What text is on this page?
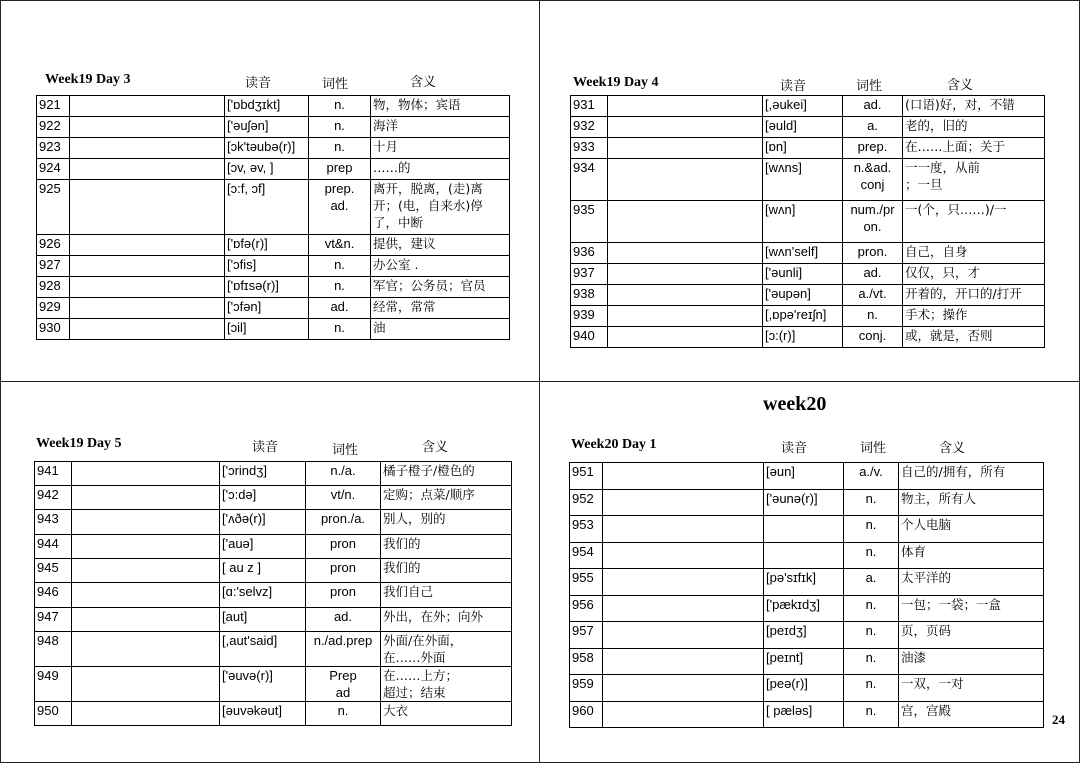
Week19 Day 3	读音	词性	含义
921		['ɒbdʒɪkt]	n.	物，物体；宾语
922		['əuʃən]	n.	海洋
923		[ɔk'təubə(r)]	n.	十月
924		[ɔv, əv, ]	prep	……的
925		[ɔ:f, ɔf]	prep.
ad.	离开，脱离，(走)离
开；(电，自来水)停
了，中断
926		['ɒfə(r)]	vt&n.	提供，建议
927		['ɔfis]	n.	办公室 .
928		['ɒfɪsə(r)]	n.	军官；公务员；官员
929		['ɔfən]	ad.	经常，常常
930		[ɔil]	n.	油
Week19 Day 4	读音	词性	含义
931		[,əukei]	ad.	(口语)好，对，不错
932		[əuld]	a.	老的，旧的
933		[ɒn]	prep.	在……上面；关于
934		[wʌns]	n.&ad.
conj	一一度，从前
；一旦
935		[wʌn]	num./pr
on.	一(个，只……)/一
936		[wʌn'self]	pron.	自己，自身
937		['əunli]	ad.	仅仅，只，才
938		['əupən]	a./vt.	开着的，开口的/打开
939		[,ɒpə'reɪʃn]	n.	手术；操作
940		[ɔ:(r)]	conj.	或，就是，否则
Week19 Day 5	读音	词性	含义
941		['ɔrindʒ]	n./a.	橘子橙子/橙色的
942		['ɔ:də]	vt/n.	定购；点菜/顺序
943		['ʌðə(r)]	pron./a.	别人，别的
944		['auə]	pron	我们的
945		[ au z ]	pron	我们的
946		[ɑ:'selvz]	pron	我们自己
947		[aut]	ad.	外出，在外；向外
948		[,aut'said]	n./ad.prep	外面/在外面，
在……外面
949		['əuvə(r)]	Prep
ad	在……上方；
超过；结束
950		[əuvəkəut]	n.	大衣
week20
Week20 Day 1	读音	词性	含义
951		[əun]	a./v.	自己的/拥有，所有
952		['əunə(r)]	n.	物主，所有人
953			n.	个人电脑
954			n.	体育
955		[pə'sɪfɪk]	a.	太平洋的
956		['pækɪdʒ]	n.	一包；一袋；一盒
957		[peɪdʒ]	n.	页，页码
958		[peɪnt]	n.	油漆
959		[peə(r)]	n.	一双，一对
960		[ pæləs]	n.	宫，宫殿
24
